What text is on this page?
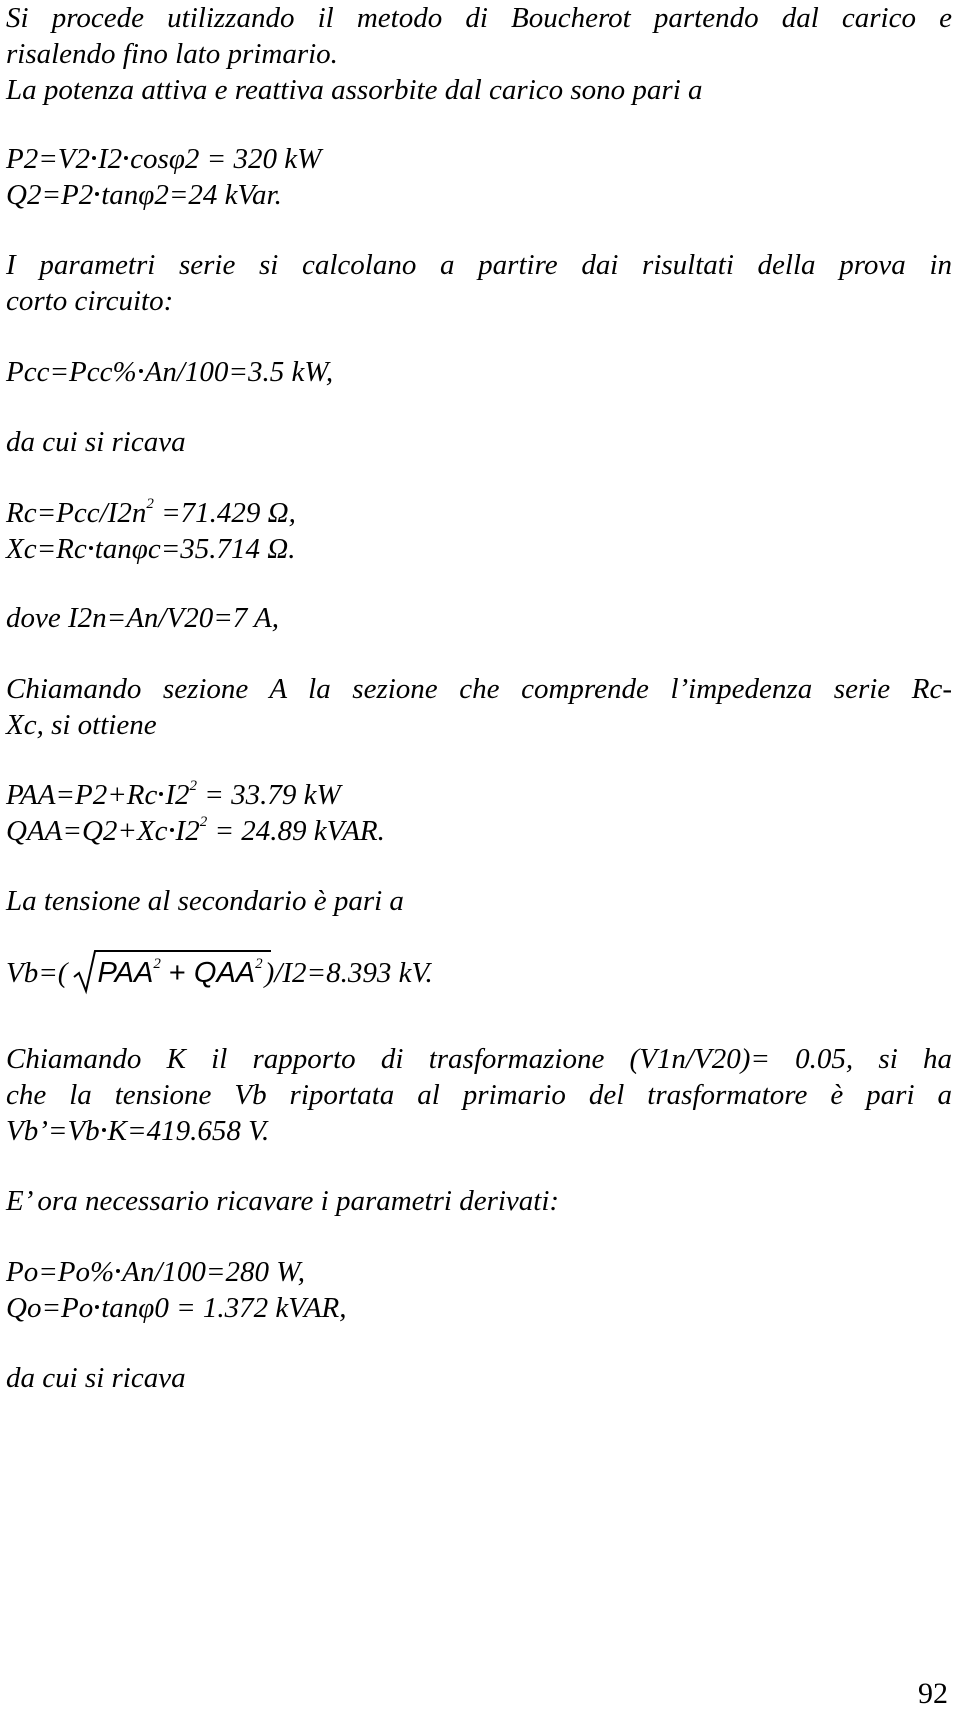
Si procede utilizzando il metodo di Boucherot partendo dal carico e
risalendo fino lato primario.
La potenza attiva e reattiva assorbite dal carico sono pari a
P2=V2 I2 cosφ2 = 320 kW
Q2=P2 tanφ2=24 kVar.
I parametri serie si calcolano a partire dai risultati della prova in
corto circuito:
Pcc=Pcc% An/100=3.5 kW,
da cui si ricava
$Rc=Pcc/I2n^2 =71.429$ Ω,
Xc=Rc tanφc=35.714 Ω.
dove I2n=An/V20=7 A,
Chiamando sezione A la sezione che comprende l’impedenza serie Rc-
Xc, si ottiene
PAA=P2+Rc $I2^2 = 33.79$ kW
QAA=Q2+Xc $I2^2 = 24.89$ kVAR.
La tensione al secondario è pari a
Vb=( $PAA^2 + QAA^2)/I2=8.393$ kV.
Chiamando K il rapporto di trasformazione (V1n/V20)= 0.05, si ha
che la tensione Vb riportata al primario del trasformatore è pari a
Vb’=Vb K=419.658 V.
E’ ora necessario ricavare i parametri derivati:
Po=Po% An/100=280 W,
Qo=Po tanφ0 = 1.372 kVAR,
da cui si ricava
92
